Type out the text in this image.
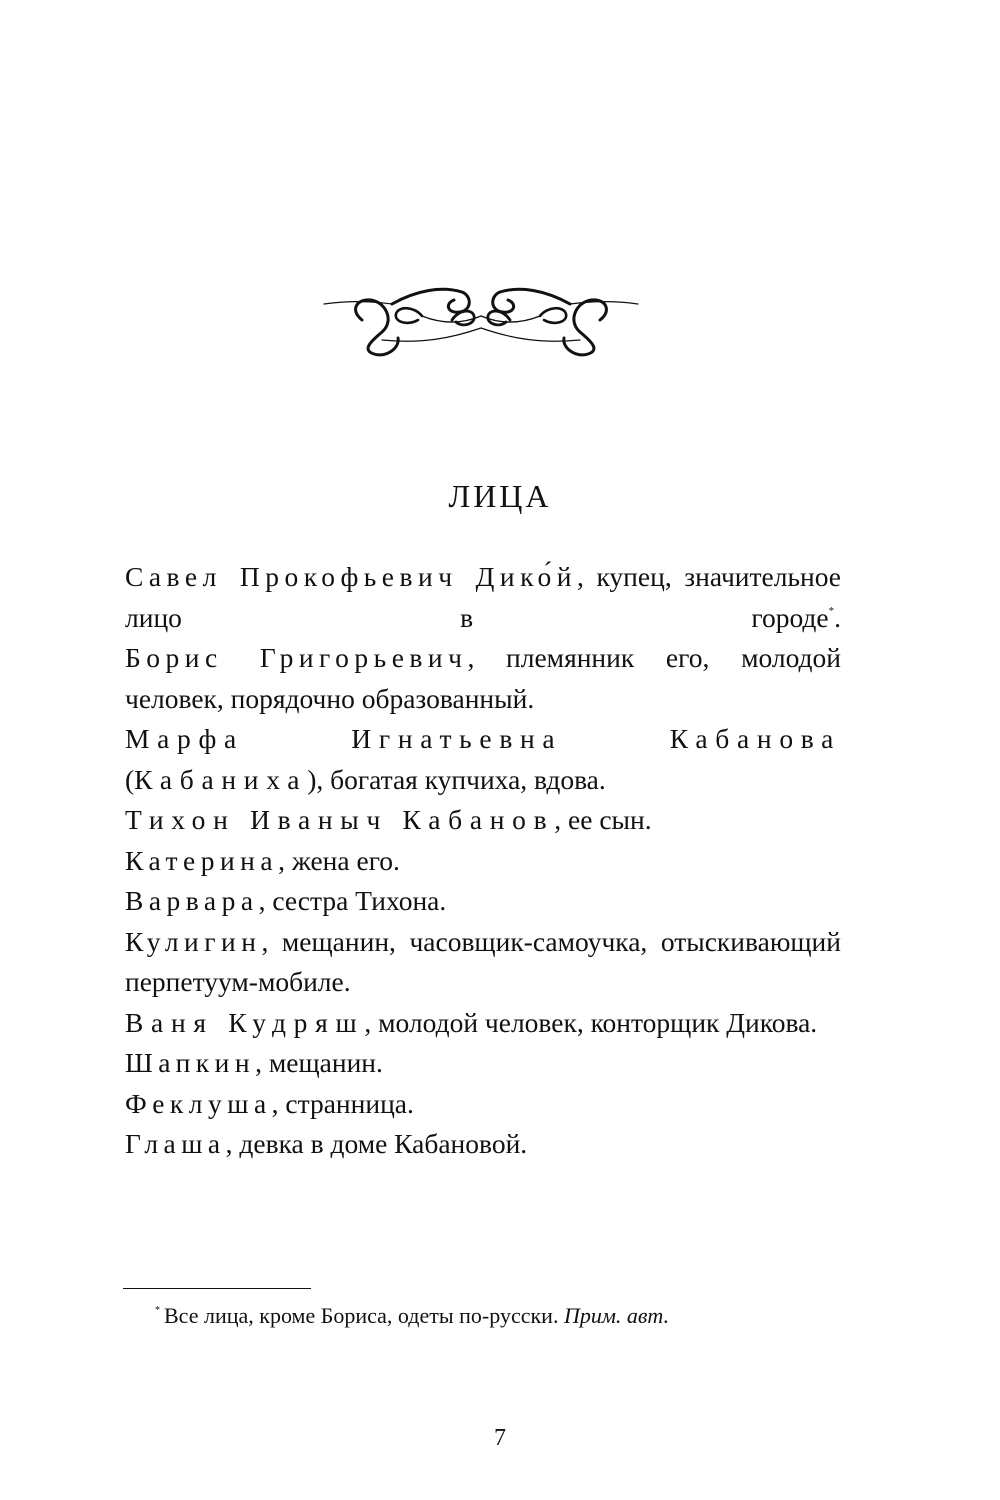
ЛИЦА

Савел Прокофьевич Дико́й, купец, значительное лицо в городе*.

Борис Григорьевич, племянник его, молодой человек, порядочно образованный.

Марфа Игнатьевна Кабанова (Кабаниха), богатая купчиха, вдова.

Тихон Иваныч Кабанов, ее сын.

Катерина, жена его.

Варвара, сестра Тихона.

Кулигин, мещанин, часовщик-самоучка, отыскивающий перпетуум-мобиле.

Ваня Кудряш, молодой человек, конторщик Дикова.

Шапкин, мещанин.

Феклуша, странница.

Глаша, девка в доме Кабановой.

* Все лица, кроме Бориса, одеты по-русски. Прим. авт.
7
